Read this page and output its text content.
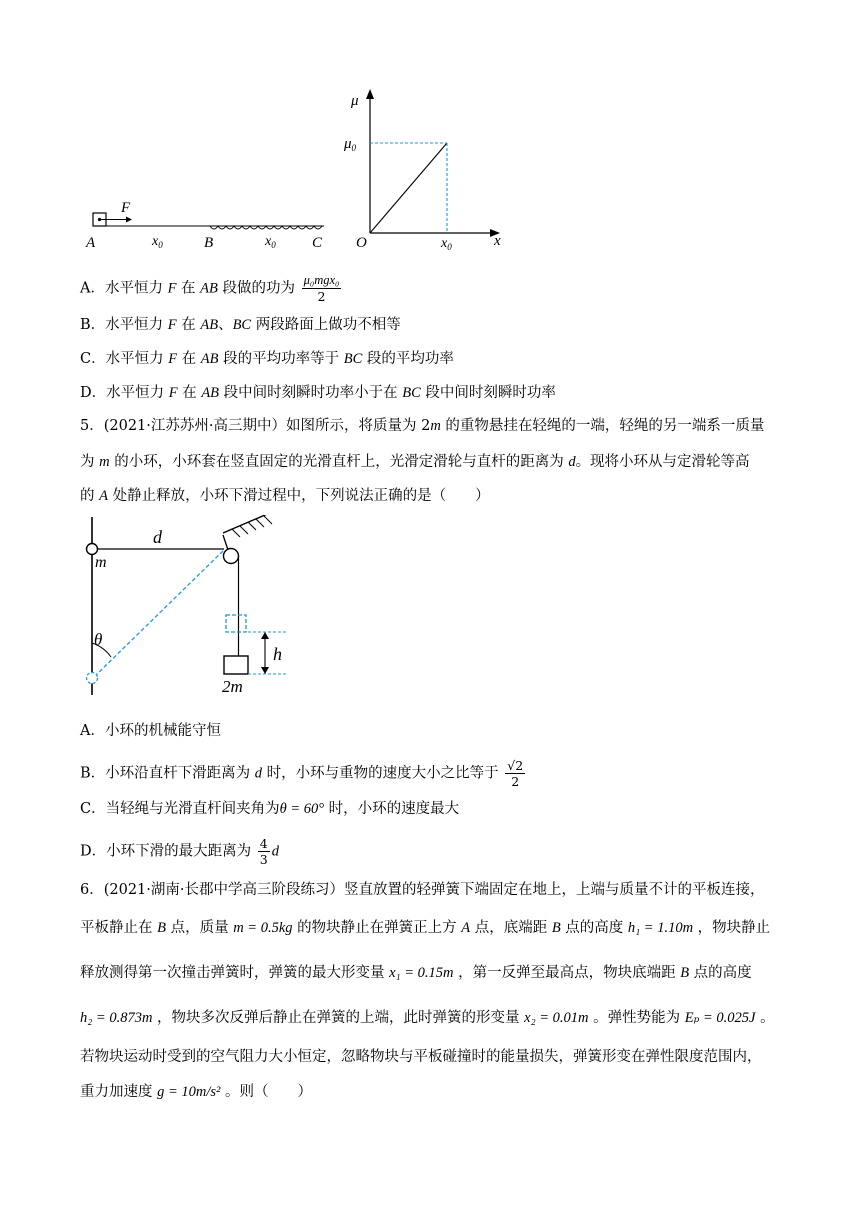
F
A	$x_0$	B	$x_0$ C
μ
$\mu_0$
O	$x_0$	x
A．水平恒力 F 在 AB 段做的功为 $\frac{\text{μ₀mgx₀}}{2}$
B．水平恒力 F 在 AB、BC 两段路面上做功不相等
C．水平恒力 F 在 AB 段的平均功率等于 BC 段的平均功率
D．水平恒力 F 在 AB 段中间时刻瞬时功率小于在 BC 段中间时刻瞬时功率
5．(2021·江苏苏州·高三期中）如图所示，将质量为 2m 的重物悬挂在轻绳的一端，轻绳的另一端系一质量
为 m 的小环，小环套在竖直固定的光滑直杆上，光滑定滑轮与直杆的距离为 d。现将小环从与定滑轮等高
的 A 处静止释放，小环下滑过程中，下列说法正确的是（　　）
d
m
h
2m
θ
A．小环的机械能守恒
B．小环沿直杆下滑距离为 d 时，小环与重物的速度大小之比等于 $\frac{√2}{2}$
C．当轻绳与光滑直杆间夹角为θ = 60° 时，小环的速度最大
D．小环下滑的最大距离为 $\frac{4}{3}$ d
6．(2021·湖南·长郡中学高三阶段练习）竖直放置的轻弹簧下端固定在地上，上端与质量不计的平板连接，
平板静止在 B 点，质量 m = 0.5kg 的物块静止在弹簧正上方 A 点，底端距 B 点的高度 h₁ = 1.10m ，物块静止
释放测得第一次撞击弹簧时，弹簧的最大形变量 x₁ = 0.15m ，第一反弹至最高点，物块底端距 B 点的高度
h₂ = 0.873m ，物块多次反弹后静止在弹簧的上端，此时弹簧的形变量 x₂ = 0.01m 。弹性势能为 Eₚ = 0.025J 。
若物块运动时受到的空气阻力大小恒定，忽略物块与平板碰撞时的能量损失，弹簧形变在弹性限度范围内，
重力加速度 g = 10m/s² 。则（　　）
